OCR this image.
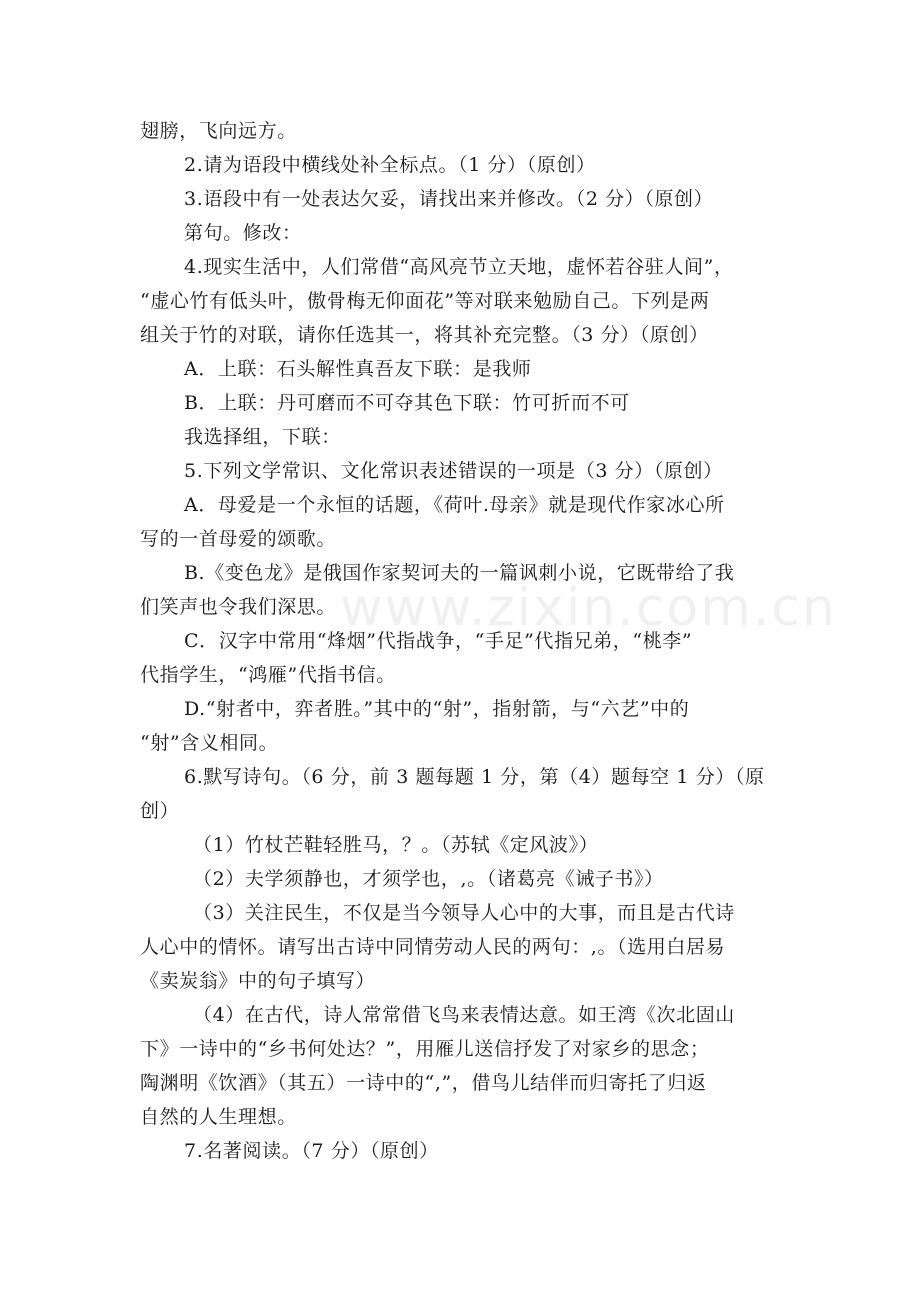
www.zixin.com.cn
翅膀，飞向远方。
2.请为语段中横线处补全标点。（1 分）（原创）
3.语段中有一处表达欠妥，请找出来并修改。（2 分）（原创）
第句。修改：
4.现实生活中，人们常借“高风亮节立天地，虚怀若谷驻人间”，
“虚心竹有低头叶，傲骨梅无仰面花”等对联来勉励自己。下列是两
组关于竹的对联，请你任选其一，将其补充完整。（3 分）（原创）
A．上联：石头解性真吾友下联：是我师
B．上联：丹可磨而不可夺其色下联：竹可折而不可
我选择组，下联：
5.下列文学常识、文化常识表述错误的一项是（3 分）（原创）
A．母爱是一个永恒的话题，《荷叶.母亲》就是现代作家冰心所
写的一首母爱的颂歌。
B.《变色龙》是俄国作家契诃夫的一篇讽刺小说，它既带给了我
们笑声也令我们深思。
C．汉字中常用“烽烟”代指战争，“手足”代指兄弟，“桃李”
代指学生，“鸿雁”代指书信。
D.“射者中，弈者胜。”其中的“射”，指射箭，与“六艺”中的
“射”含义相同。
6.默写诗句。（6 分，前 3 题每题 1 分，第（4）题每空 1 分）（原
创）
（1）竹杖芒鞋轻胜马，？。（苏轼《定风波》）
（2）夫学须静也，才须学也，,。（诸葛亮《诫子书》）
（3）关注民生，不仅是当今领导人心中的大事，而且是古代诗
人心中的情怀。请写出古诗中同情劳动人民的两句：,。（选用白居易
《卖炭翁》中的句子填写）
（4）在古代，诗人常常借飞鸟来表情达意。如王湾《次北固山
下》一诗中的“乡书何处达？”，用雁儿送信抒发了对家乡的思念；
陶渊明《饮酒》（其五）一诗中的“,”，借鸟儿结伴而归寄托了归返
自然的人生理想。
7.名著阅读。（7 分）（原创）
